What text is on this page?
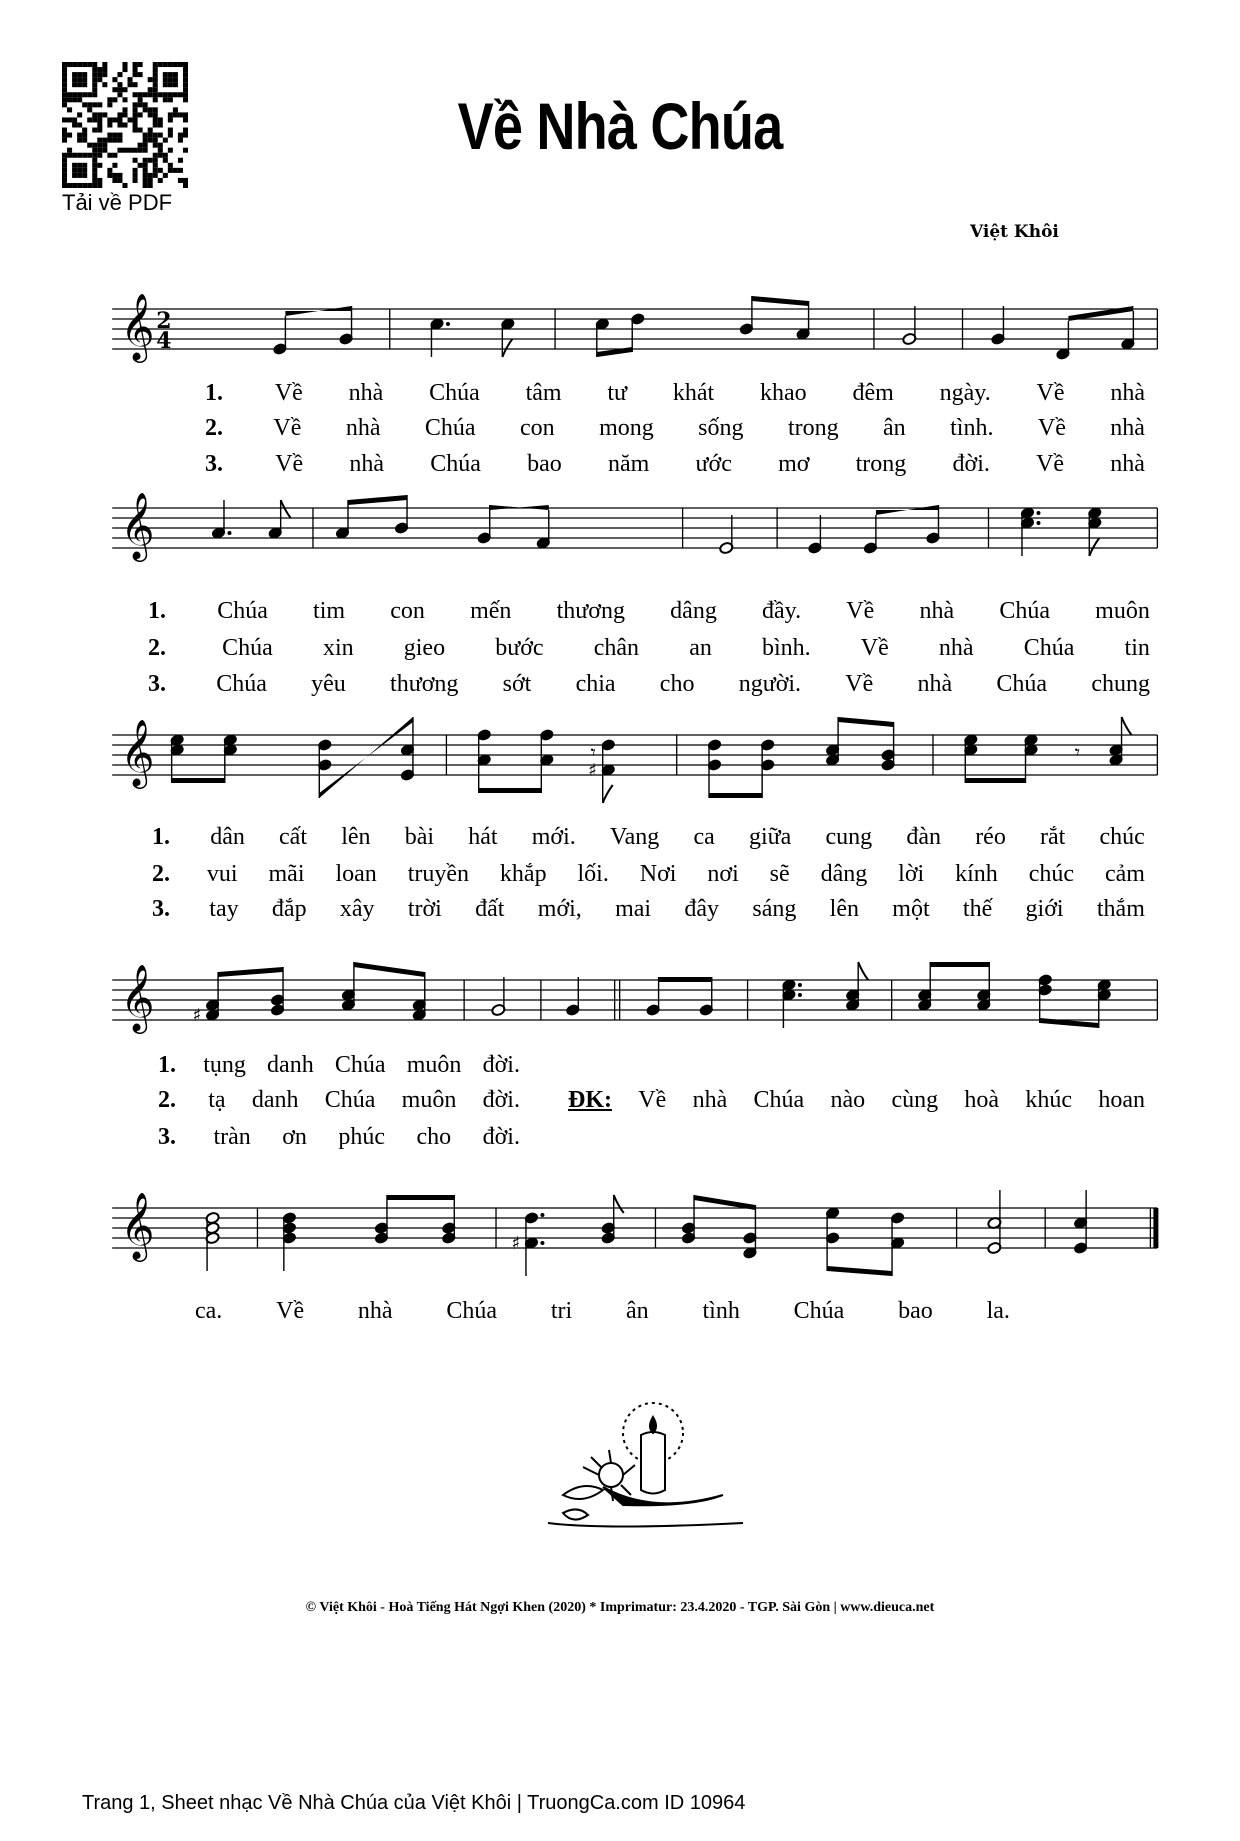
Tải về PDF
Về Nhà Chúa
Việt Khôi
𝄞 2
4
𝄞
𝄞	♯
𝄾	𝄾
𝄞 ♯
𝄞	♯
1. Về nhà Chúa tâm tư khát khao đêm ngày. Về nhà
2. Về nhà Chúa con mong sống trong ân tình. Về nhà
3. Về nhà Chúa bao năm ước mơ trong đời. Về nhà
1. Chúa tim con mến thương dâng đầy. Về nhà Chúa muôn
2. Chúa xin gieo bước chân an bình. Về nhà Chúa tin
3. Chúa yêu thương sớt chia cho người. Về nhà Chúa chung
1. dân cất lên bài hát mới. Vang ca giữa cung đàn réo rắt chúc
2. vui mãi loan truyền khắp lối. Nơi nơi sẽ dâng lời kính chúc cảm
3. tay đắp xây trời đất mới, mai đây sáng lên một thế giới thắm
1. tụng danh Chúa muôn đời.
2. tạ danh Chúa muôn đời. ĐK: Về nhà Chúa nào cùng hoà khúc hoan
3. tràn ơn phúc cho đời.
ca. Về nhà Chúa tri ân tình Chúa bao la.
© Việt Khôi - Hoà Tiếng Hát Ngợi Khen (2020) * Imprimatur: 23.4.2020 - TGP. Sài Gòn | www.dieuca.net
Trang 1, Sheet nhạc Về Nhà Chúa của Việt Khôi | TruongCa.com ID 10964
